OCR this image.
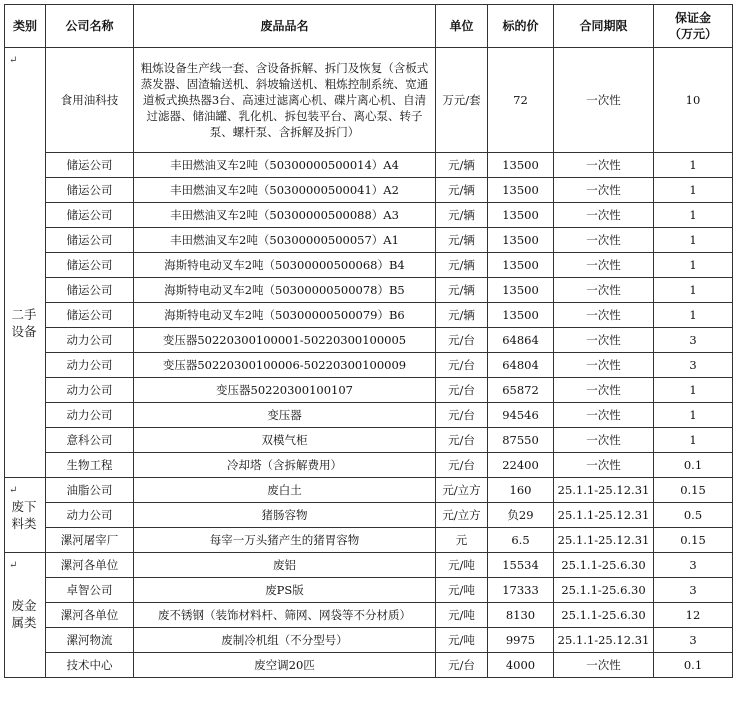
类别	公司名称	废品品名	单位	标的价	合同期限	保证金（万元）

二手设备
↵	食用油科技	粗炼设备生产线一套、含设备拆解、拆门及恢复（含板式蒸发器、固渣输送机、斜坡输送机、粗炼控制系统、宽通道板式换热器3台、高速过滤离心机、碟片离心机、自清过滤器、储油罐、乳化机、拆包装平台、离心泵、转子泵、螺杆泵、含拆解及拆门）	万元/套	72	一次性	10
	储运公司	丰田燃油叉车2吨（50300000500014）A4	元/辆	13500	一次性	1
	储运公司	丰田燃油叉车2吨（50300000500041）A2	元/辆	13500	一次性	1
	储运公司	丰田燃油叉车2吨（50300000500088）A3	元/辆	13500	一次性	1
	储运公司	丰田燃油叉车2吨（50300000500057）A1	元/辆	13500	一次性	1
	储运公司	海斯特电动叉车2吨（50300000500068）B4	元/辆	13500	一次性	1
	储运公司	海斯特电动叉车2吨（50300000500078）B5	元/辆	13500	一次性	1
	储运公司	海斯特电动叉车2吨（50300000500079）B6	元/辆	13500	一次性	1
	动力公司	变压器50220300100001-50220300100005	元/台	64864	一次性	3
	动力公司	变压器50220300100006-50220300100009	元/台	64804	一次性	3
	动力公司	变压器50220300100107	元/台	65872	一次性	1
	动力公司	变压器	元/台	94546	一次性	1
	意科公司	双模气柜	元/台	87550	一次性	1
	生物工程	冷却塔（含拆解费用）	元/台	22400	一次性	0.1

废下料类
↵	油脂公司	废白土	元/立方	160	25.1.1-25.12.31	0.15
	动力公司	猪肠容物	元/立方	负29	25.1.1-25.12.31	0.5
	漯河屠宰厂	每宰一万头猪产生的猪胃容物	元	6.5	25.1.1-25.12.31	0.15

废金属类
↵	漯河各单位	废铝	元/吨	15534	25.1.1-25.6.30	3
	卓智公司	废PS版	元/吨	17333	25.1.1-25.6.30	3
	漯河各单位	废不锈钢（装饰材料杆、筛网、网袋等不分材质）	元/吨	8130	25.1.1-25.6.30	12
	漯河物流	废制冷机组（不分型号）	元/吨	9975	25.1.1-25.12.31	3
	技术中心	废空调20匹	元/台	4000	一次性	0.1
